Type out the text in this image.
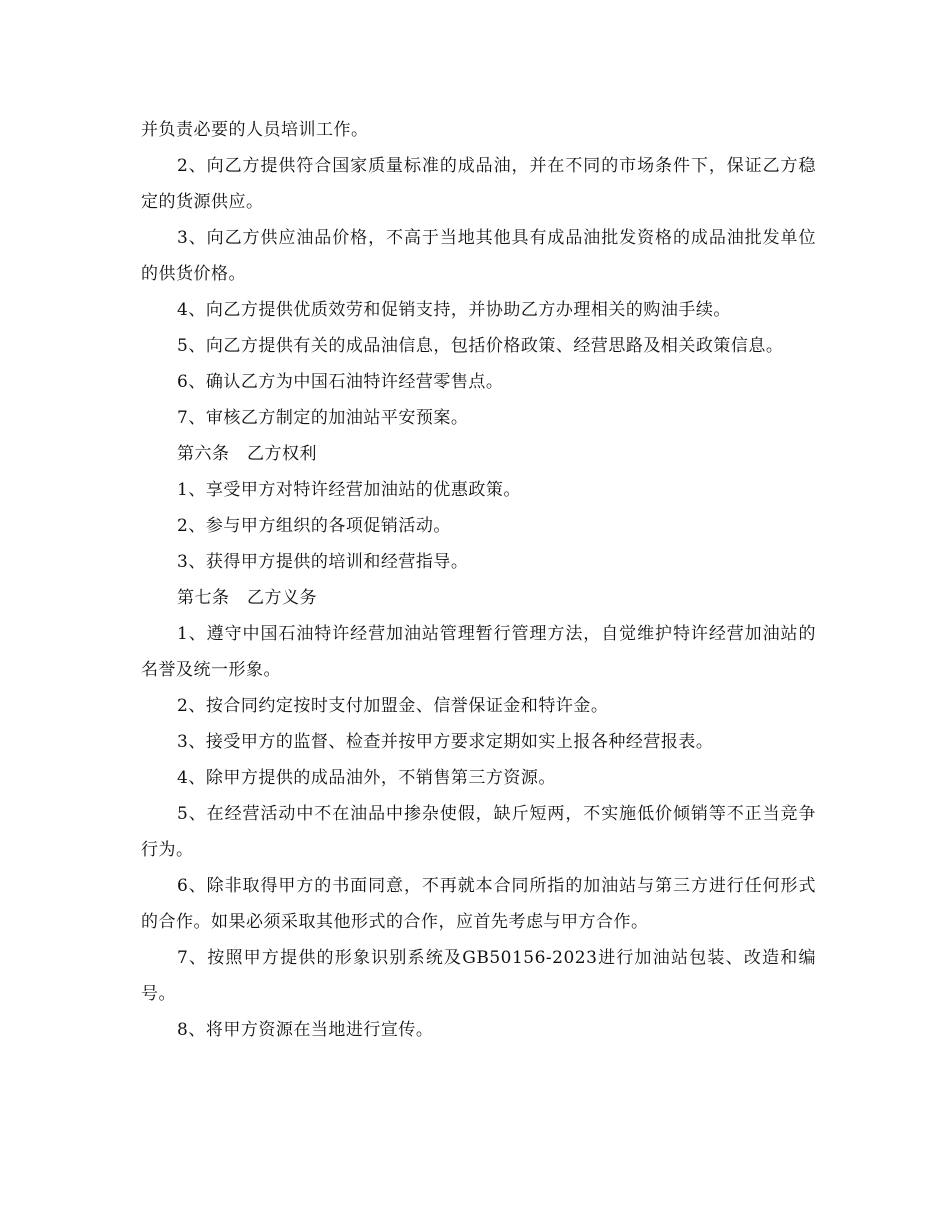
并负责必要的人员培训工作。

2、向乙方提供符合国家质量标准的成品油，并在不同的市场条件下，保证乙方稳定的货源供应。

3、向乙方供应油品价格，不高于当地其他具有成品油批发资格的成品油批发单位的供货价格。

4、向乙方提供优质效劳和促销支持，并协助乙方办理相关的购油手续。

5、向乙方提供有关的成品油信息，包括价格政策、经营思路及相关政策信息。

6、确认乙方为中国石油特许经营零售点。

7、审核乙方制定的加油站平安预案。

第六条　乙方权利

1、享受甲方对特许经营加油站的优惠政策。

2、参与甲方组织的各项促销活动。

3、获得甲方提供的培训和经营指导。

第七条　乙方义务

1、遵守中国石油特许经营加油站管理暂行管理方法，自觉维护特许经营加油站的名誉及统一形象。

2、按合同约定按时支付加盟金、信誉保证金和特许金。

3、接受甲方的监督、检查并按甲方要求定期如实上报各种经营报表。

4、除甲方提供的成品油外，不销售第三方资源。

5、在经营活动中不在油品中掺杂使假，缺斤短两，不实施低价倾销等不正当竞争行为。

6、除非取得甲方的书面同意，不再就本合同所指的加油站与第三方进行任何形式的合作。如果必须采取其他形式的合作，应首先考虑与甲方合作。

7、按照甲方提供的形象识别系统及GB50156-2023进行加油站包装、改造和编号。

8、将甲方资源在当地进行宣传。
